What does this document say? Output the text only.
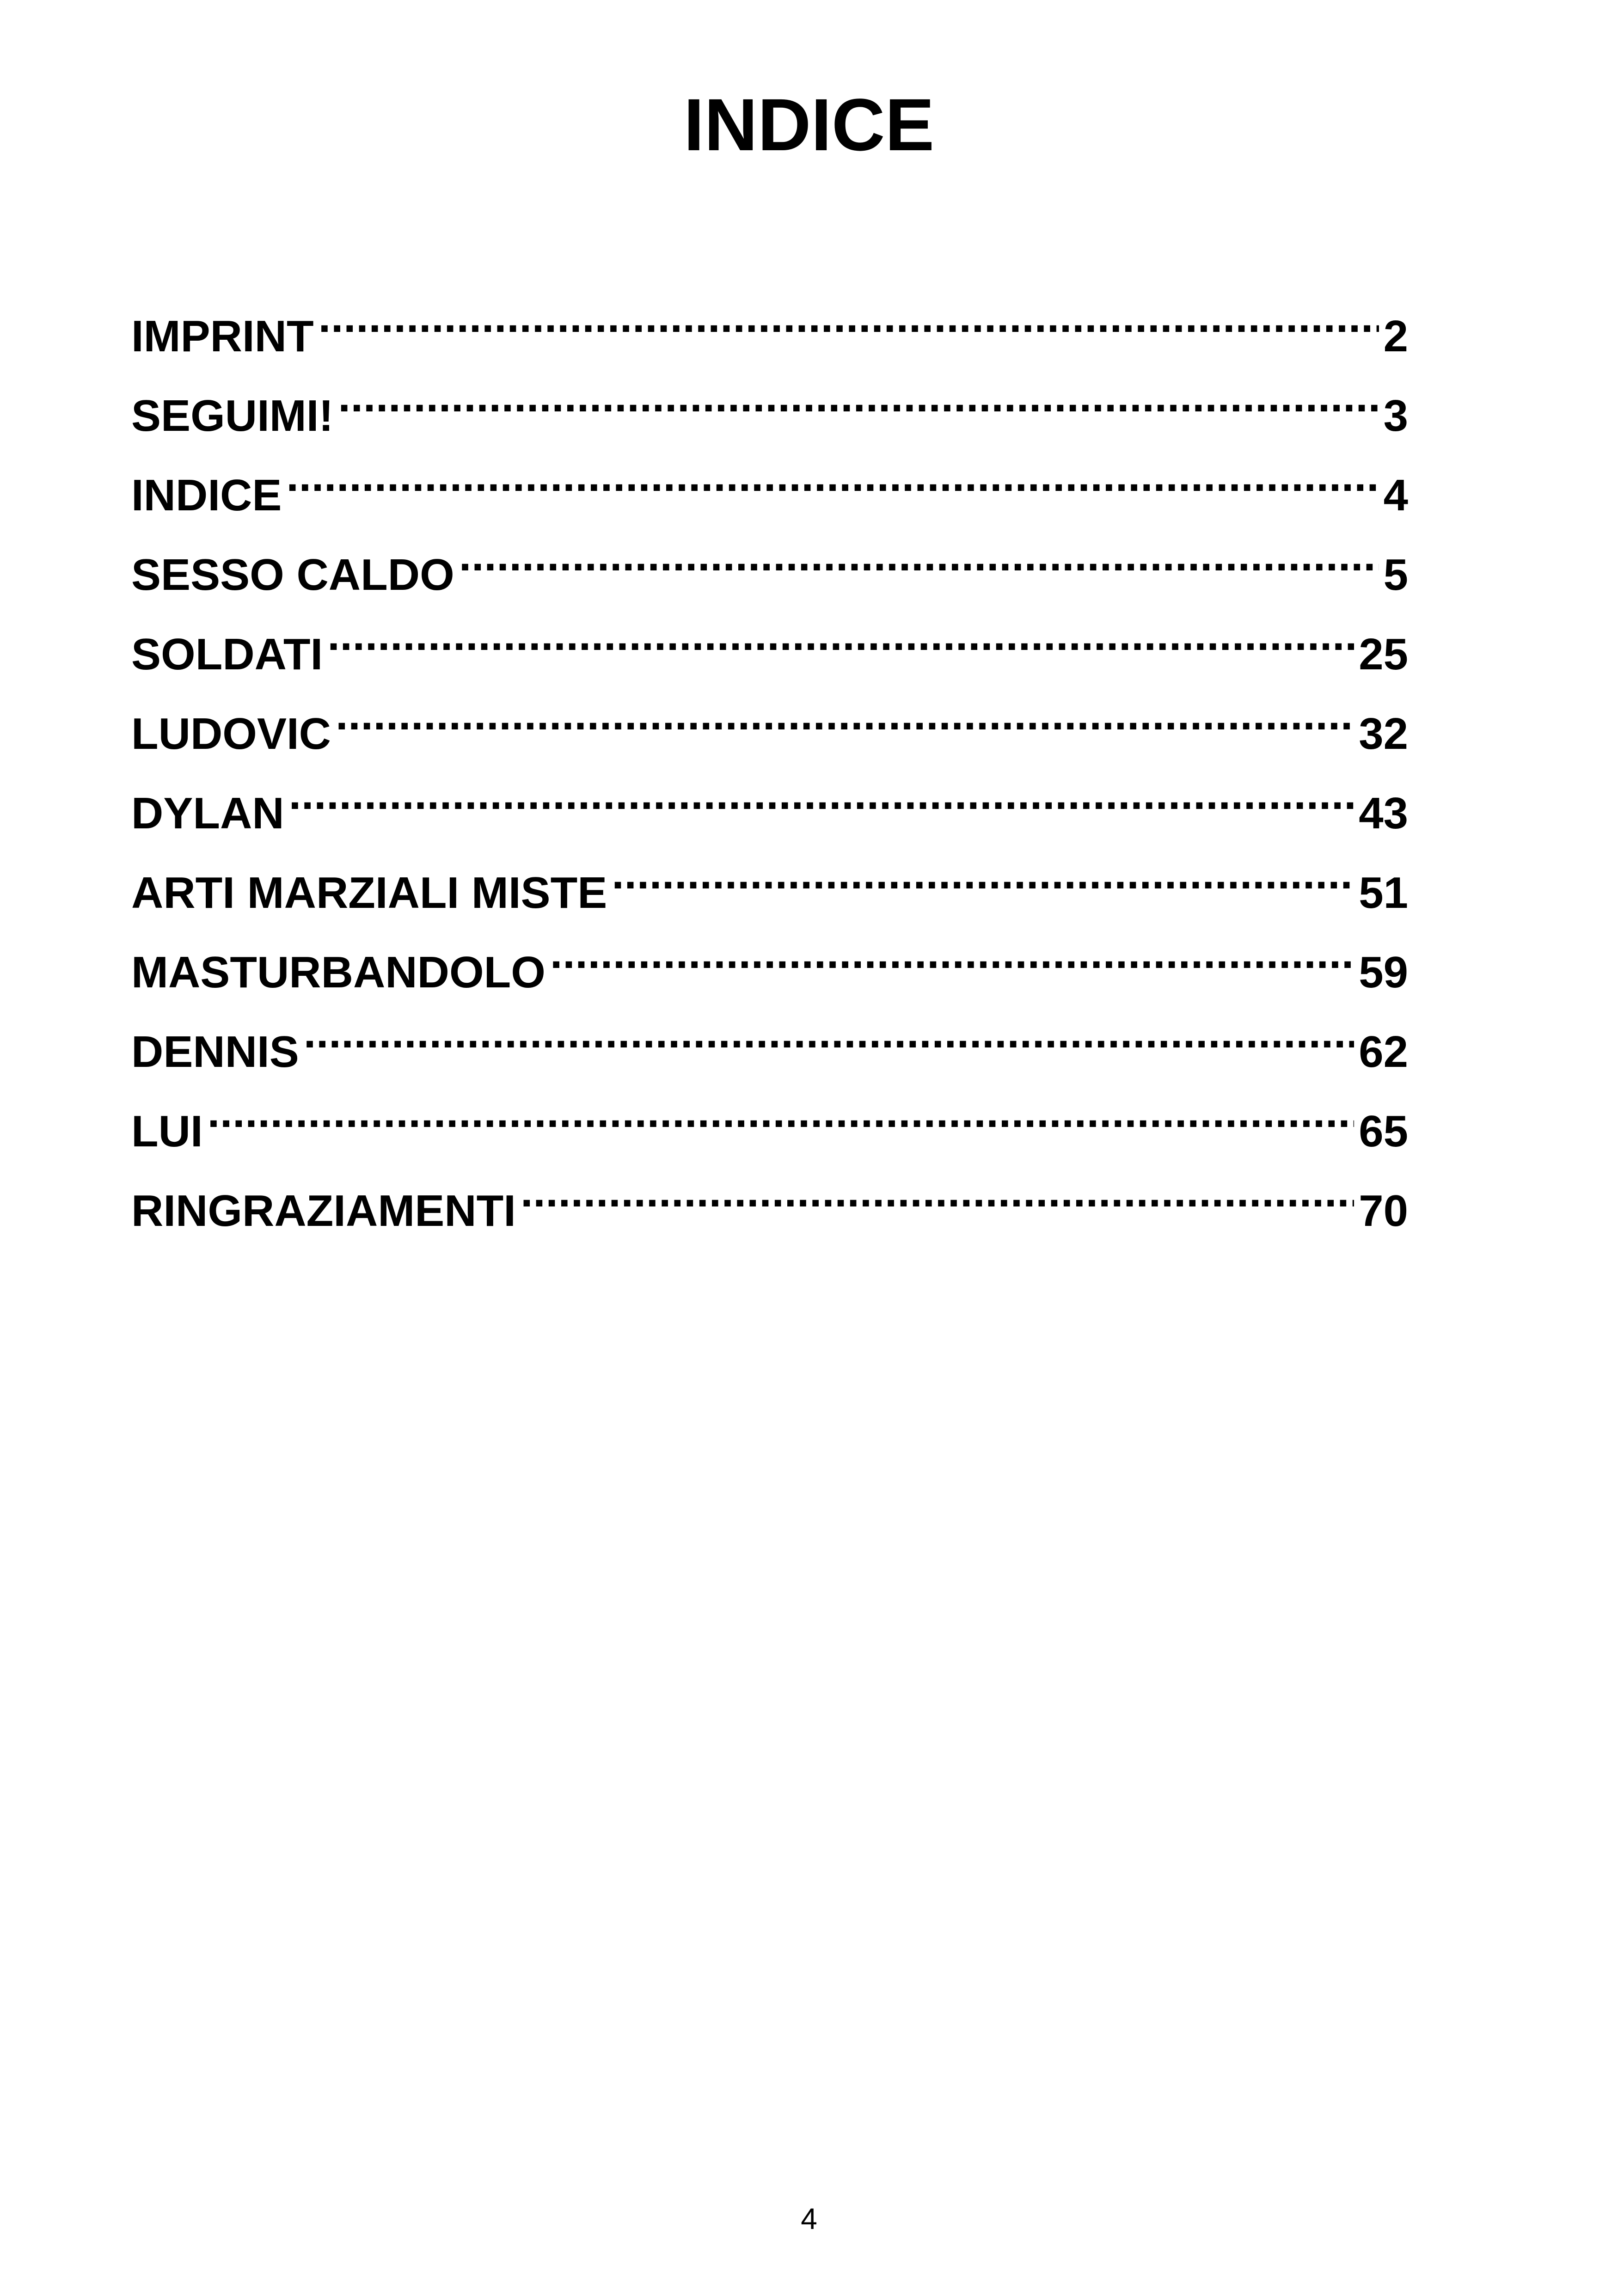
INDICE
IMPRINT .....	2
SEGUIMI! .....	3
INDICE .....	4
SESSO CALDO .....	5
SOLDATI .....	25
LUDOVIC .....	32
DYLAN .....	43
ARTI MARZIALI MISTE .....	51
MASTURBANDOLO .....	59
DENNIS .....	62
LUI .....	65
RINGRAZIAMENTI .....	70
4
